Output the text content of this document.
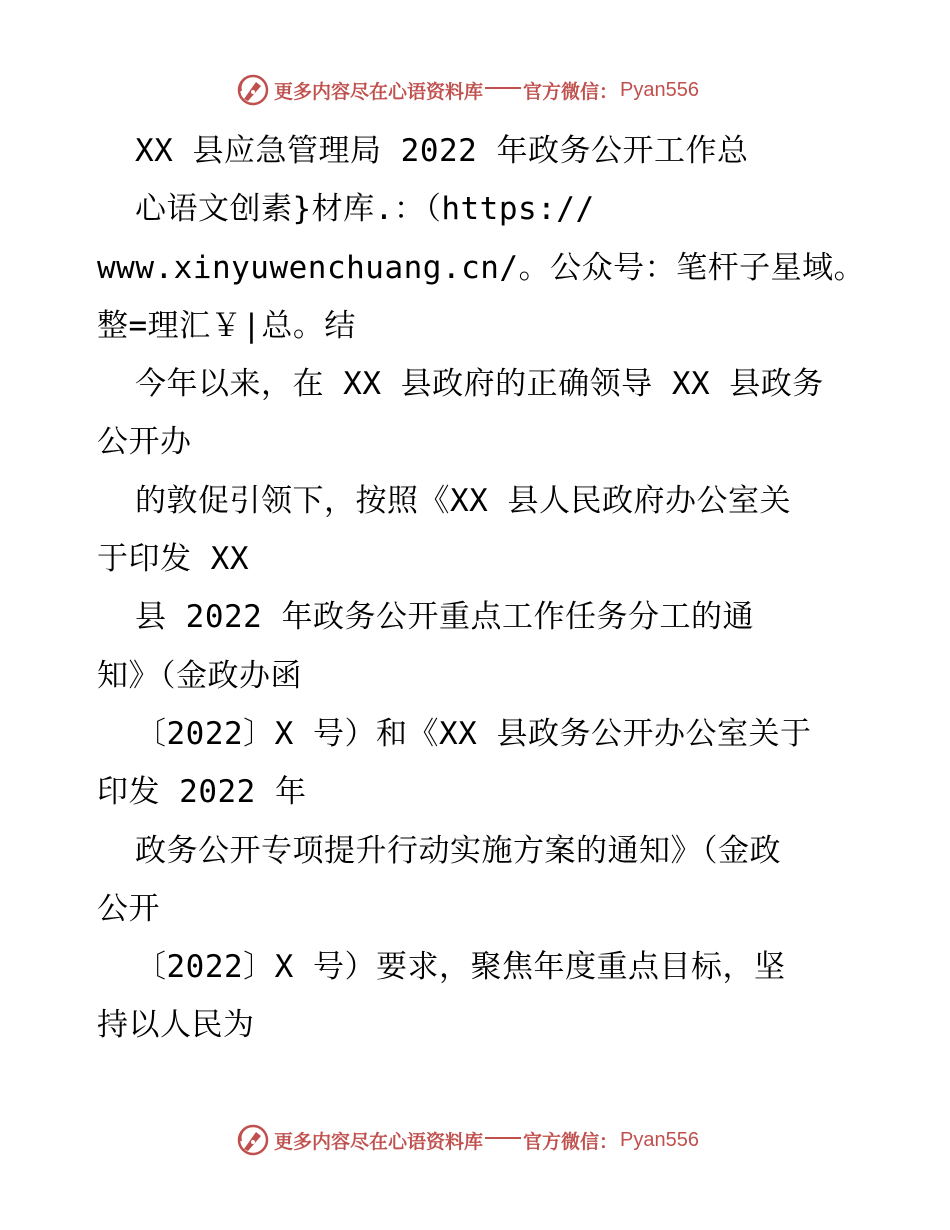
更多内容尽在心语资料库 官方微信： Pyan556
XX 县应急管理局 2022 年政务公开工作总
心语文创素}材库.：（https://
www.xinyuwenchuang.cn/。公众号：笔杆子星域。
整=理汇￥|总。结
今年以来，在 XX 县政府的正确领导 XX 县政务
公开办
的敦促引领下，按照《XX 县人民政府办公室关
于印发 XX
县 2022 年政务公开重点工作任务分工的通
知》（金政办函
〔2022〕X 号）和《XX 县政务公开办公室关于
印发 2022 年
政务公开专项提升行动实施方案的通知》（金政
公开
〔2022〕X 号）要求，聚焦年度重点目标，坚
持以人民为
更多内容尽在心语资料库 官方微信： Pyan556
